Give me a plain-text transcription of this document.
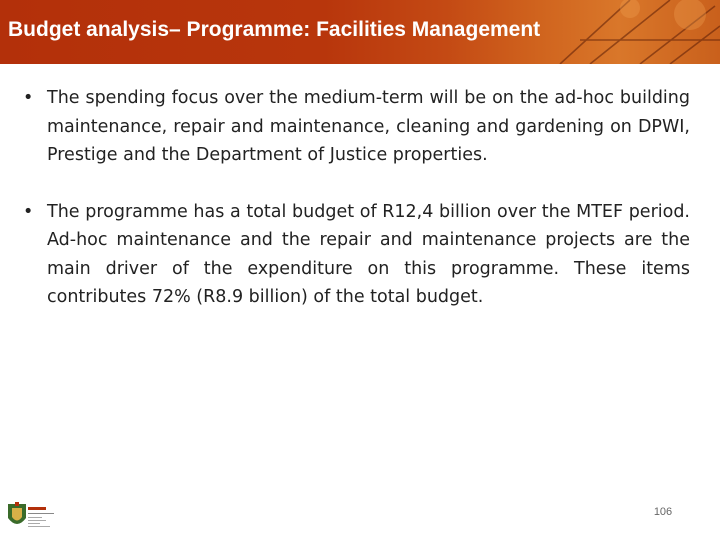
Budget analysis– Programme: Facilities Management
• The spending focus over the medium-term will be on the ad-hoc building maintenance, repair and maintenance, cleaning and gardening on DPWI, Prestige and the Department of Justice properties.
• The programme has a total budget of R12,4 billion over the MTEF period. Ad-hoc maintenance and the repair and maintenance projects are the main driver of the expenditure on this programme. These items contributes 72% (R8.9 billion) of the total budget.
106
